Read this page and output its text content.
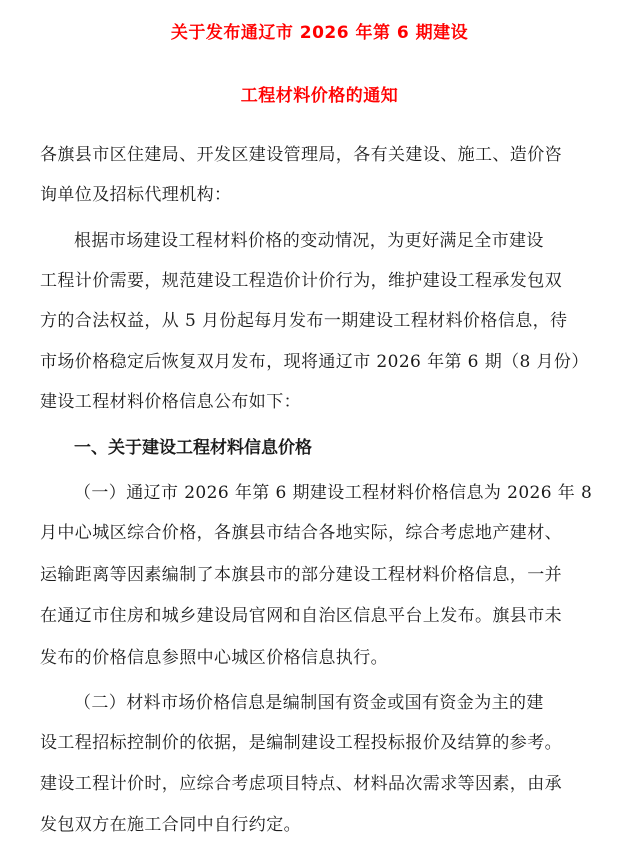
关于发布通辽市 2026 年第 6 期建设
工程材料价格的通知

各旗县市区住建局、开发区建设管理局，各有关建设、施工、造价咨

询单位及招标代理机构：

根据市场建设工程材料价格的变动情况，为更好满足全市建设

工程计价需要，规范建设工程造价计价行为，维护建设工程承发包双

方的合法权益，从 5 月份起每月发布一期建设工程材料价格信息，待

市场价格稳定后恢复双月发布，现将通辽市 2026 年第 6 期（8 月份）

建设工程材料价格信息公布如下：

一、关于建设工程材料信息价格

（一）通辽市 2026 年第 6 期建设工程材料价格信息为 2026 年 8

月中心城区综合价格，各旗县市结合各地实际，综合考虑地产建材、

运输距离等因素编制了本旗县市的部分建设工程材料价格信息，一并

在通辽市住房和城乡建设局官网和自治区信息平台上发布。旗县市未

发布的价格信息参照中心城区价格信息执行。

（二）材料市场价格信息是编制国有资金或国有资金为主的建

设工程招标控制价的依据，是编制建设工程投标报价及结算的参考。

建设工程计价时，应综合考虑项目特点、材料品次需求等因素，由承

发包双方在施工合同中自行约定。
